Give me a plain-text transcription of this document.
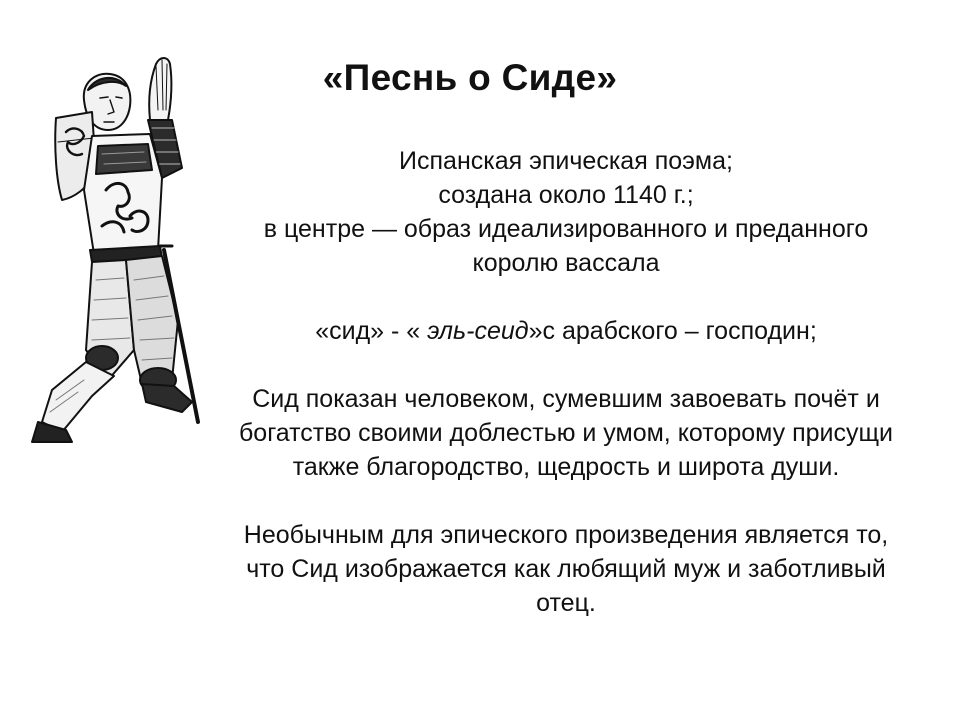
«Песнь о Сиде»

Испанская эпическая поэма;
создана около 1140 г.;
в центре — образ идеализированного и преданного
королю вассала

«сид» - « эль-сеид»с арабского – господин;

Сид показан человеком, сумевшим завоевать почёт и
богатство своими доблестью и умом, которому присущи
также благородство, щедрость и широта души.

Необычным для эпического произведения является то,
что Сид изображается как любящий муж и заботливый
отец.
